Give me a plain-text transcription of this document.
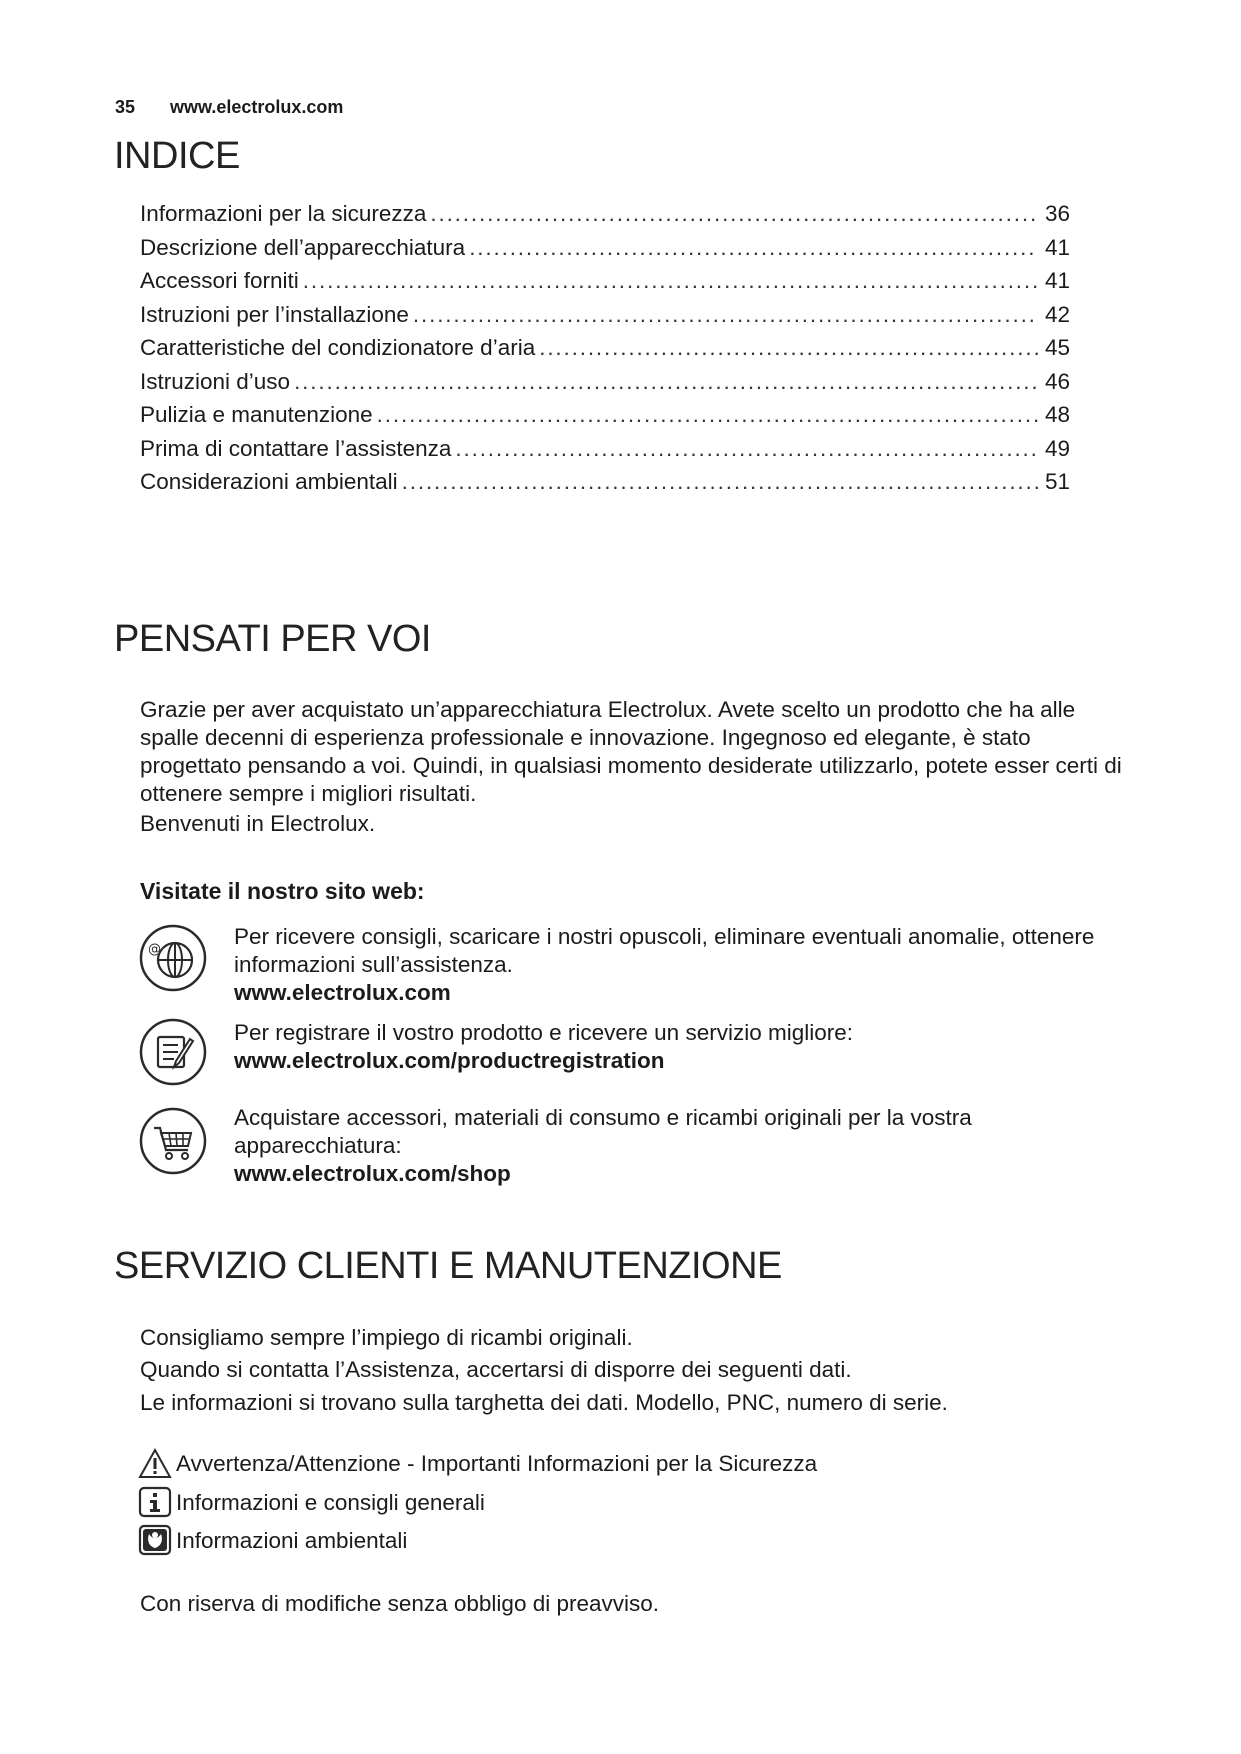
35 www.electrolux.com
INDICE
Informazioni per la sicurezza . . .	36
Descrizione dell’apparecchiatura . . .	41
Accessori forniti . . .	41
Istruzioni per l’installazione . . .	42
Caratteristiche del condizionatore d’aria . . .	45
Istruzioni d’uso . . .	46
Pulizia e manutenzione . . .	48
Prima di contattare l’assistenza . . .	49
Considerazioni ambientali . . .	51
PENSATI PER VOI

Grazie per aver acquistato un’apparecchiatura Electrolux. Avete scelto un prodotto che ha alle spalle decenni di esperienza professionale e innovazione. Ingegnoso ed elegante, è stato progettato pensando a voi. Quindi, in qualsiasi momento desiderate utilizzarlo, potete esser certi di ottenere sempre i migliori risultati.

Benvenuti in Electrolux.

Visitate il nostro sito web:
@
Per ricevere consigli, scaricare i nostri opuscoli, eliminare eventuali anomalie, ottenere informazioni sull’assistenza.
www.electrolux.com
Per registrare il vostro prodotto e ricevere un servizio migliore:
www.electrolux.com/productregistration
Acquistare accessori, materiali di consumo e ricambi originali per la vostra apparecchiatura:
www.electrolux.com/shop
SERVIZIO CLIENTI E MANUTENZIONE

Consigliamo sempre l’impiego di ricambi originali.

Quando si contatta l’Assistenza, accertarsi di disporre dei seguenti dati.

Le informazioni si trovano sulla targhetta dei dati. Modello, PNC, numero di serie.

Avvertenza/Attenzione - Importanti Informazioni per la Sicurezza
Informazioni e consigli generali
Informazioni ambientali

Con riserva di modifiche senza obbligo di preavviso.
